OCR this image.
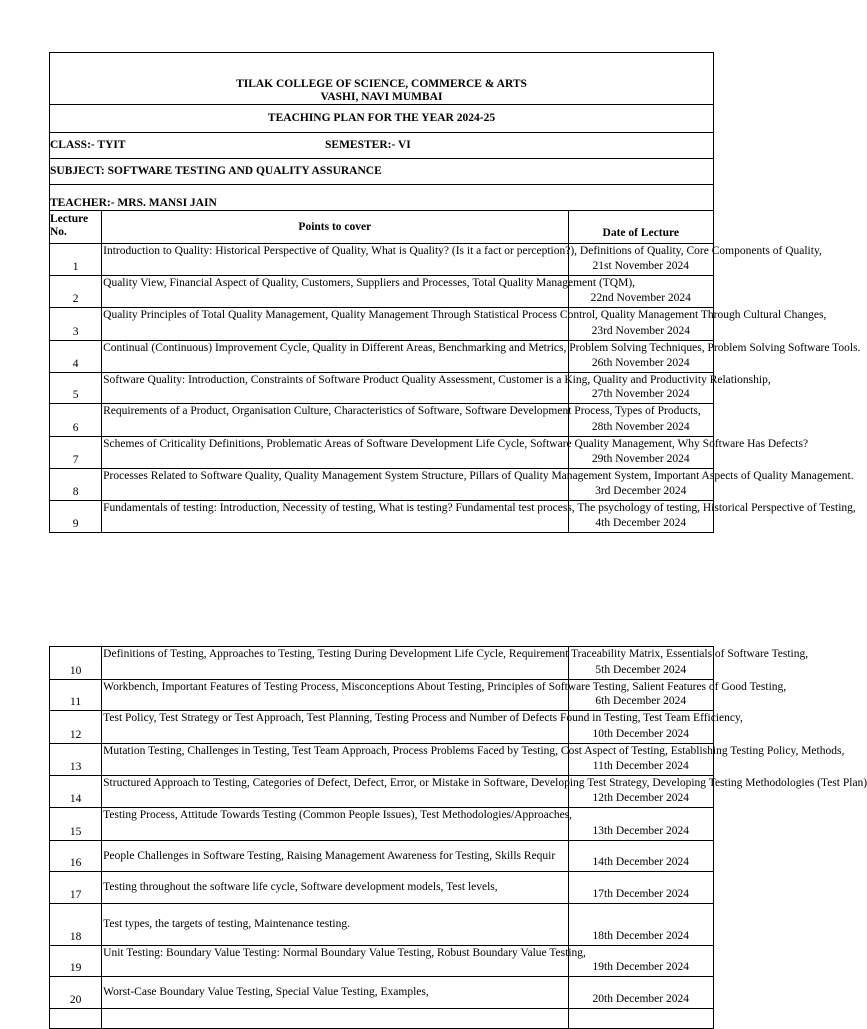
TILAK COLLEGE OF SCIENCE, COMMERCE & ARTS		
VASHI, NAVI MUMBAI		
TEACHING PLAN FOR THE YEAR 2024-25		
CLASS:- TYIT SEMESTER:- VI		

SUBJECT: SOFTWARE TESTING AND QUALITY ASSURANCE		
TEACHER:- MRS. MANSI JAIN		
Lecture No.	Points to cover	Date of Lecture
1	Introduction to Quality: Historical Perspective of Quality, What is Quality? (Is it a fact or perception?), Definitions of Quality, Core Components of Quality,	21st November 2024
2	Quality View, Financial Aspect of Quality, Customers, Suppliers and Processes, Total Quality Management (TQM),	22nd November 2024
3	Quality Principles of Total Quality Management, Quality Management Through Statistical Process Control, Quality Management Through Cultural Changes,	23rd November 2024
4	Continual (Continuous) Improvement Cycle, Quality in Different Areas, Benchmarking and Metrics, Problem Solving Techniques, Problem Solving Software Tools.	26th November 2024
5	Software Quality: Introduction, Constraints of Software Product Quality Assessment, Customer is a King, Quality and Productivity Relationship,	27th November 2024
6	Requirements of a Product, Organisation Culture, Characteristics of Software, Software Development Process, Types of Products,	28th November 2024
7	Schemes of Criticality Definitions, Problematic Areas of Software Development Life Cycle, Software Quality Management, Why Software Has Defects?	29th November 2024
8	Processes Related to Software Quality, Quality Management System Structure, Pillars of Quality Management System, Important Aspects of Quality Management.	3rd December 2024
9	Fundamentals of testing: Introduction, Necessity of testing, What is testing? Fundamental test process, The psychology of testing, Historical Perspective of Testing,	4th December 2024
10	Definitions of Testing, Approaches to Testing, Testing During Development Life Cycle, Requirement Traceability Matrix, Essentials of Software Testing,	5th December 2024
11	Workbench, Important Features of Testing Process, Misconceptions About Testing, Principles of Software Testing, Salient Features of Good Testing,	6th December 2024
12	Test Policy, Test Strategy or Test Approach, Test Planning, Testing Process and Number of Defects Found in Testing, Test Team Efficiency,	10th December 2024
13	Mutation Testing, Challenges in Testing, Test Team Approach, Process Problems Faced by Testing, Cost Aspect of Testing, Establishing Testing Policy, Methods,	11th December 2024
14	Structured Approach to Testing, Categories of Defect, Defect, Error, or Mistake in Software, Developing Test Strategy, Developing Testing Methodologies (Test Plan)	12th December 2024
15	Testing Process, Attitude Towards Testing (Common People Issues), Test Methodologies/Approaches,	13th December 2024
16	People Challenges in Software Testing, Raising Management Awareness for Testing, Skills Requir	14th December 2024
17	Testing throughout the software life cycle, Software development models, Test levels,	17th December 2024
18	Test types, the targets of testing, Maintenance testing.	18th December 2024
19	Unit Testing: Boundary Value Testing: Normal Boundary Value Testing, Robust Boundary Value Testing,	19th December 2024
20	Worst-Case Boundary Value Testing, Special Value Testing, Examples,	20th December 2024
